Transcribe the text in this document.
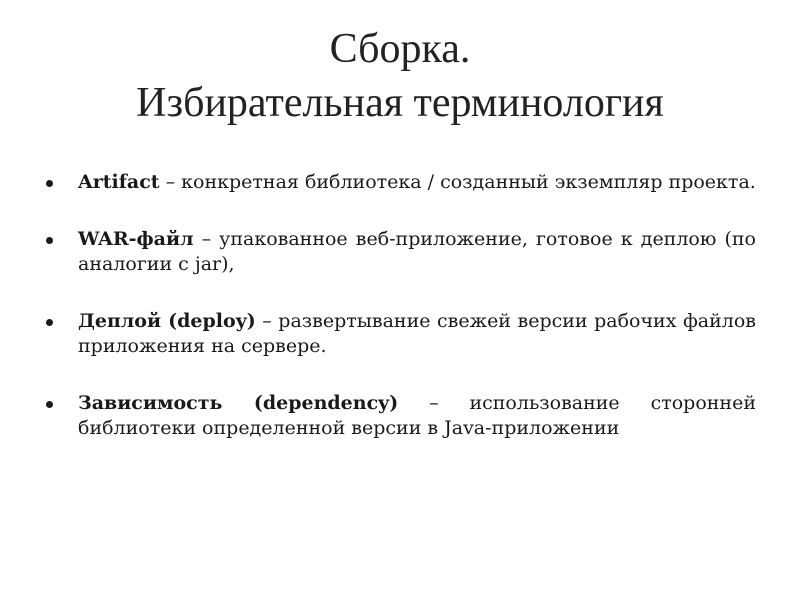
Сборка.
Избирательная терминология
Artifact – конкретная библиотека / созданный экземпляр проекта.
WAR-файл – упакованное веб-приложение, готовое к деплою (по аналогии с jar),
Деплой (deploy) – развертывание свежей версии рабочих файлов приложения на сервере.
Зависимость (dependency) – использование сторонней библиотеки определенной версии в Java-приложении
